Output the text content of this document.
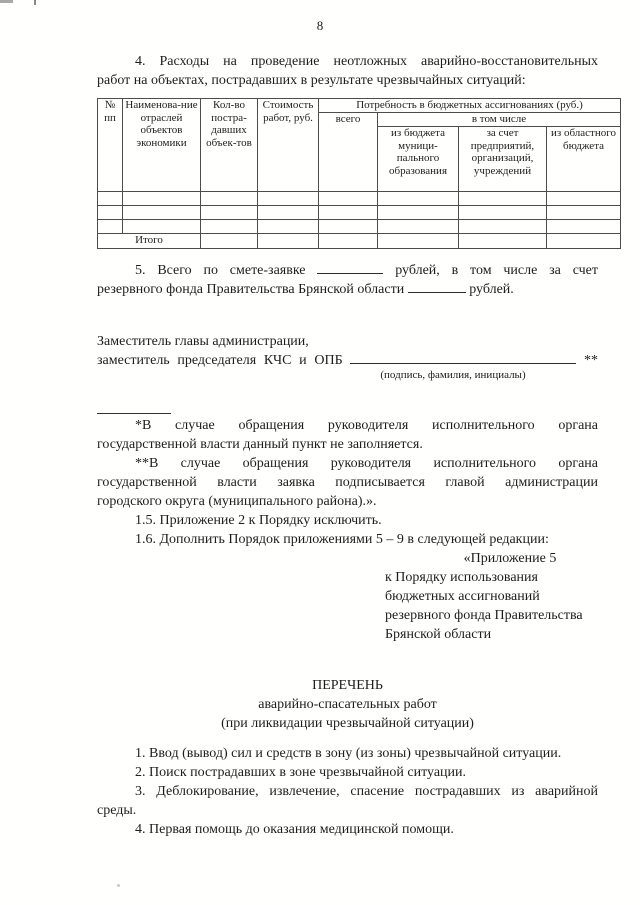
8
4. Расходы на проведение неотложных аварийно-восстановительных
работ на объектах, пострадавших в результате чрезвычайных ситуаций:
№ пп	Наименова-ние отраслей объектов экономики	Кол-во постра-давших объек-тов	Стоимость работ, руб.	Потребность в бюджетных ассигнованиях (руб.)			
				всего	в том числе		
					из бюджета муници-пального образования	за счет предприятий, организаций, учреждений	из областного бюджета

Итого							
5. Всего по смете-заявке	рублей, в том числе за счет
резервного фонда Правительства Брянской области	рублей.
Заместитель главы администрации,
заместитель председателя КЧС и ОПБ	**
(подпись, фамилия, инициалы)
*В случае обращения руководителя исполнительного органа
государственной власти данный пункт не заполняется.
**В случае обращения руководителя исполнительного органа
государственной власти заявка подписывается главой администрации
городского округа (муниципального района).».
1.5. Приложение 2 к Порядку исключить.
1.6. Дополнить Порядок приложениями 5 – 9 в следующей редакции:
«Приложение 5
к Порядку использования
бюджетных ассигнований
резервного фонда Правительства
Брянской области
ПЕРЕЧЕНЬ
аварийно-спасательных работ
(при ликвидации чрезвычайной ситуации)
1. Ввод (вывод) сил и средств в зону (из зоны) чрезвычайной ситуации.
2. Поиск пострадавших в зоне чрезвычайной ситуации.
3. Деблокирование, извлечение, спасение пострадавших из аварийной
среды.
4. Первая помощь до оказания медицинской помощи.
